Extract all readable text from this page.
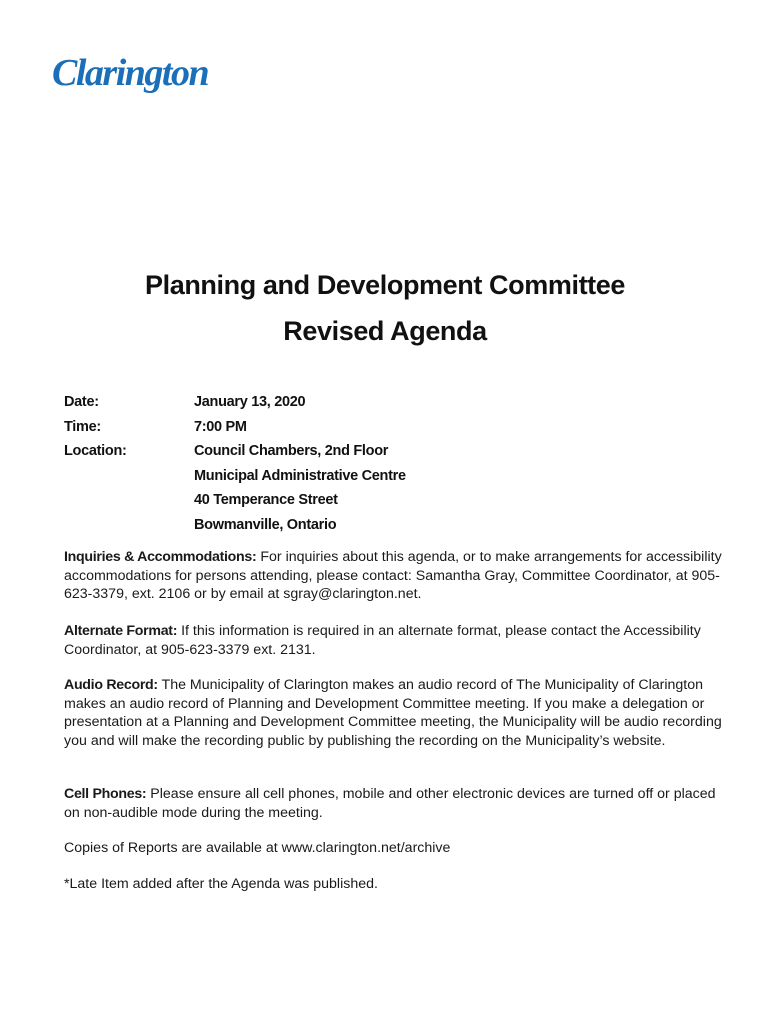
Clarington
Planning and Development Committee
Revised Agenda
Date:	January 13, 2020
Time:	7:00 PM
Location:	Council Chambers, 2nd Floor
Municipal Administrative Centre
40 Temperance Street
Bowmanville, Ontario
Inquiries & Accommodations: For inquiries about this agenda, or to make arrangements for accessibility accommodations for persons attending, please contact: Samantha Gray, Committee Coordinator, at 905-623-3379, ext. 2106 or by email at sgray@clarington.net.
Alternate Format: If this information is required in an alternate format, please contact the Accessibility Coordinator, at 905-623-3379 ext. 2131.
Audio Record: The Municipality of Clarington makes an audio record of The Municipality of Clarington makes an audio record of Planning and Development Committee meeting. If you make a delegation or presentation at a Planning and Development Committee meeting, the Municipality will be audio recording you and will make the recording public by publishing the recording on the Municipality’s website.
Cell Phones: Please ensure all cell phones, mobile and other electronic devices are turned off or placed on non-audible mode during the meeting.
Copies of Reports are available at www.clarington.net/archive
*Late Item added after the Agenda was published.
